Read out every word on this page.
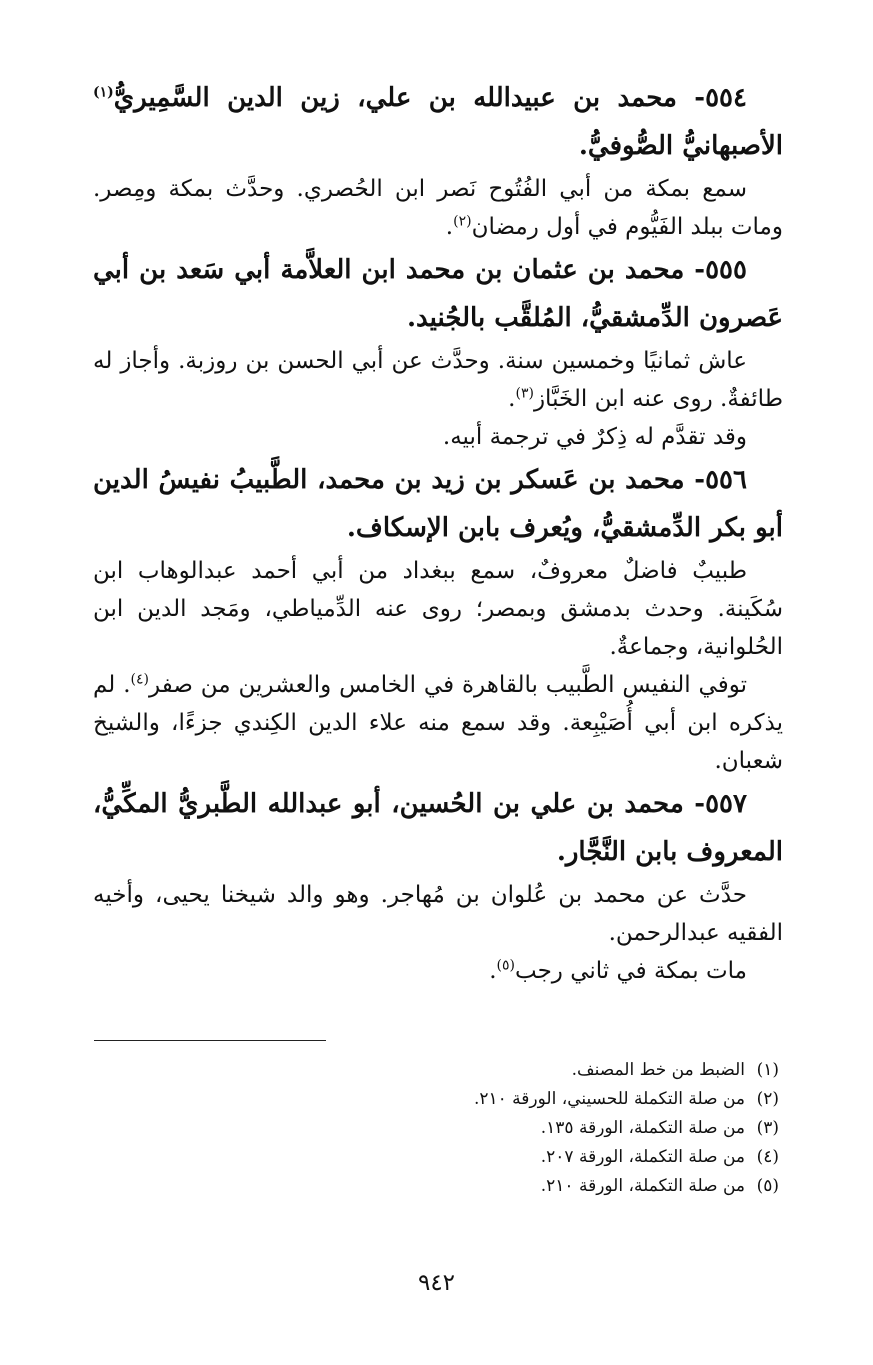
٥٥٤- محمد بن عبيدالله بن علي، زين الدين السَّمِيريُّ$^{(١)}$ الأصبهانيُّ الصُّوفيُّ.

سمع بمكة من أبي الفُتُوح نَصر ابن الحُصري. وحدَّث بمكة ومِصر. ومات ببلد الفَيُّوم في أول رمضان$^{(٢)}$.

٥٥٥- محمد بن عثمان بن محمد ابن العلاَّمة أبي سَعد بن أبي عَصرون الدِّمشقيُّ، المُلقَّب بالجُنيد.

عاش ثمانيًا وخمسين سنة. وحدَّث عن أبي الحسن بن روزبة. وأجاز له طائفةٌ. روى عنه ابن الخَبَّاز$^{(٣)}$.

وقد تقدَّم له ذِكرٌ في ترجمة أبيه.

٥٥٦- محمد بن عَسكر بن زيد بن محمد، الطَّبيبُ نفيسُ الدين أبو بكر الدِّمشقيُّ، ويُعرف بابن الإسكاف.

طبيبٌ فاضلٌ معروفٌ، سمع ببغداد من أبي أحمد عبدالوهاب ابن سُكَينة. وحدث بدمشق وبمصر؛ روى عنه الدِّمياطي، ومَجد الدين ابن الحُلوانية، وجماعةٌ.

توفي النفيس الطَّبيب بالقاهرة في الخامس والعشرين من صفر$^{(٤)}$. لم يذكره ابن أبي أُصَيْبِعة. وقد سمع منه علاء الدين الكِندي جزءًا، والشيخ شعبان.

٥٥٧- محمد بن علي بن الحُسين، أبو عبدالله الطَّبريُّ المكِّيُّ، المعروف بابن النَّجَّار.

حدَّث عن محمد بن عُلوان بن مُهاجر. وهو والد شيخنا يحيى، وأخيه الفقيه عبدالرحمن.

مات بمكة في ثاني رجب$^{(٥)}$.

(١)
الضبط من خط المصنف.

(٢)
من صلة التكملة للحسيني، الورقة ٢١٠.

(٣)
من صلة التكملة، الورقة ١٣٥.

(٤)
من صلة التكملة، الورقة ٢٠٧.

(٥)
من صلة التكملة، الورقة ٢١٠.

٩٤٢
